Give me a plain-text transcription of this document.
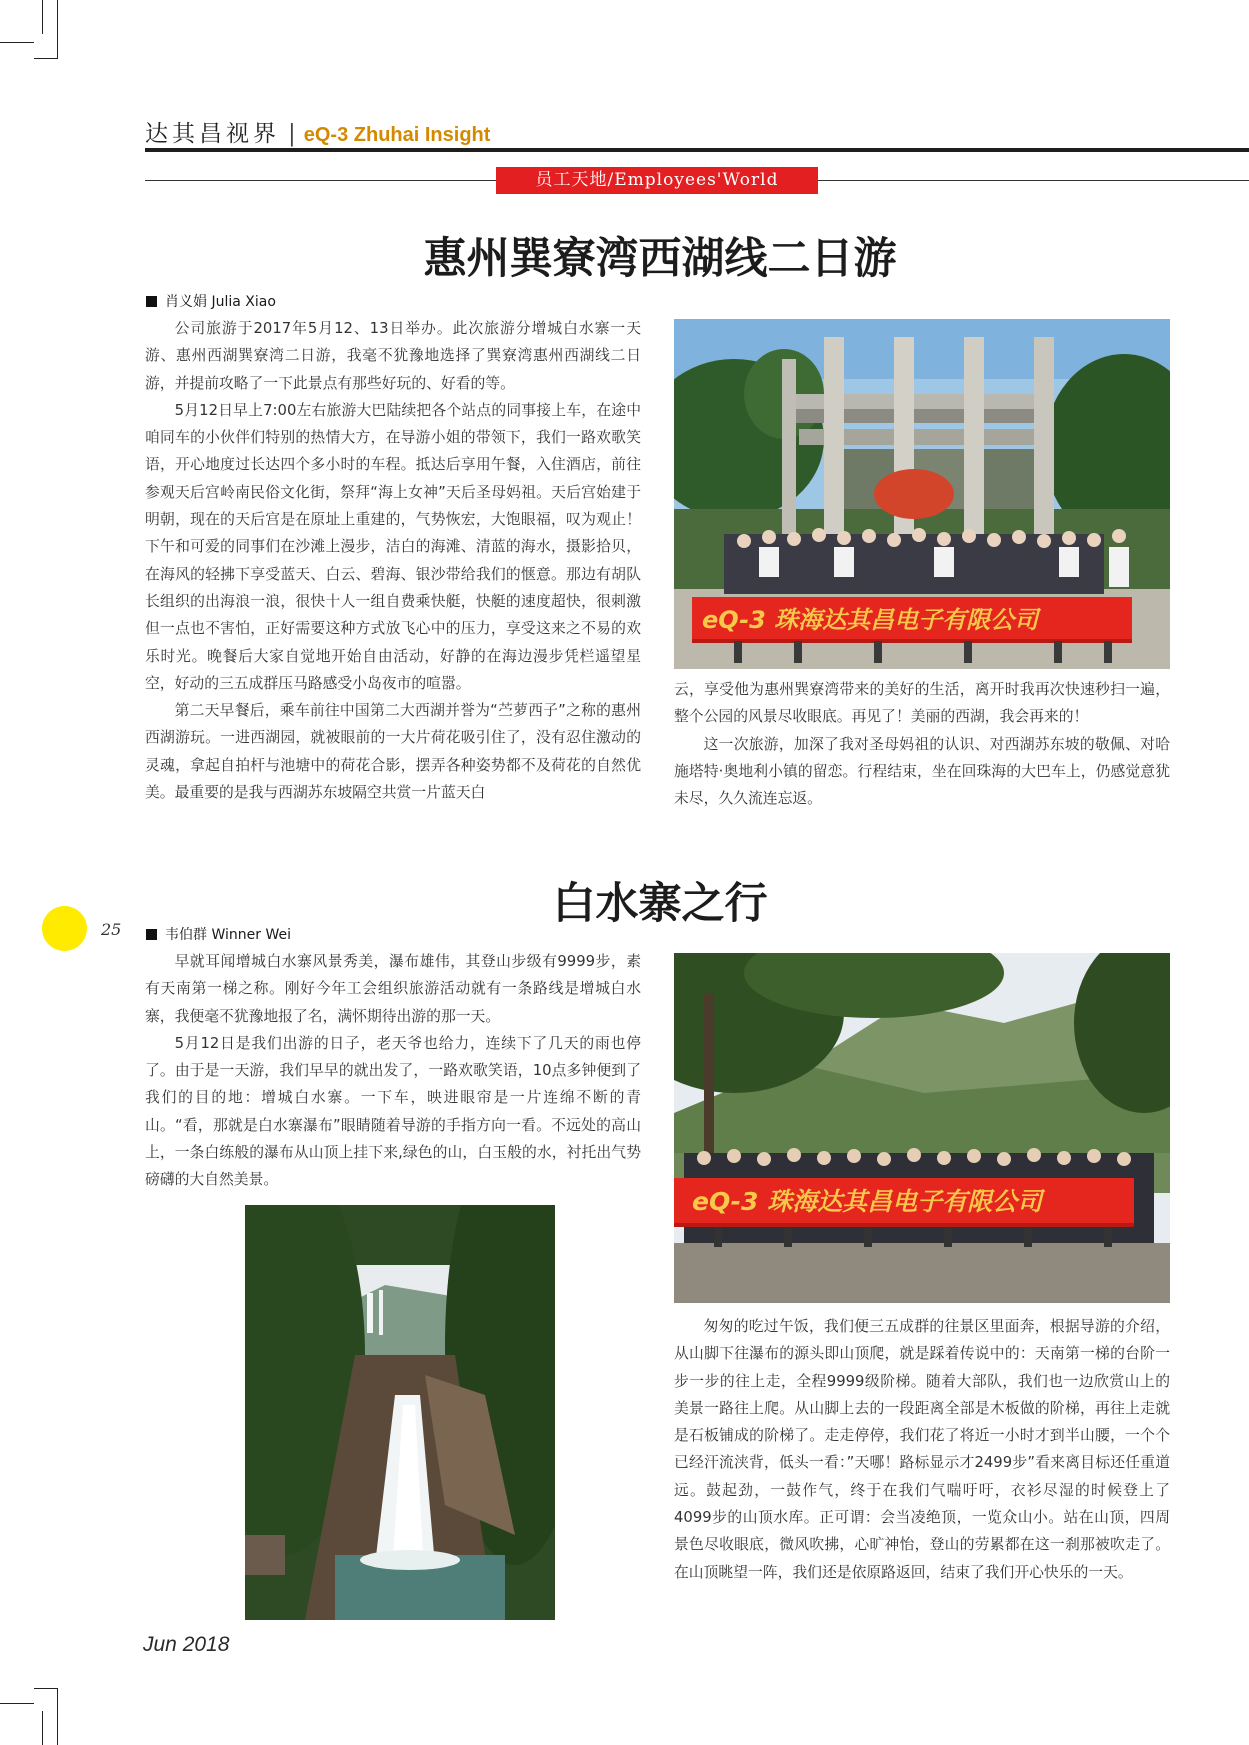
达其昌视界 | eQ-3 Zhuhai Insight
员工天地/Employees'World
惠州巽寮湾西湖线二日游
肖义娟 Julia Xiao

公司旅游于2017年5月12、13日举办。此次旅游分增城白水寨一天游、惠州西湖巽寮湾二日游，我毫不犹豫地选择了巽寮湾惠州西湖线二日游，并提前攻略了一下此景点有那些好玩的、好看的等。

5月12日早上7:00左右旅游大巴陆续把各个站点的同事接上车，在途中咱同车的小伙伴们特别的热情大方，在导游小姐的带领下，我们一路欢歌笑语，开心地度过长达四个多小时的车程。抵达后享用午餐，入住酒店，前往参观天后宫岭南民俗文化街，祭拜“海上女神”天后圣母妈祖。天后宫始建于明朝，现在的天后宫是在原址上重建的，气势恢宏，大饱眼福，叹为观止！下午和可爱的同事们在沙滩上漫步，洁白的海滩、清蓝的海水，摄影拾贝，在海风的轻拂下享受蓝天、白云、碧海、银沙带给我们的惬意。那边有胡队长组织的出海浪一浪，很快十人一组自费乘快艇，快艇的速度超快，很刺激但一点也不害怕，正好需要这种方式放飞心中的压力，享受这来之不易的欢乐时光。晚餐后大家自觉地开始自由活动，好静的在海边漫步凭栏遥望星空，好动的三五成群压马路感受小岛夜市的喧嚣。

第二天早餐后，乘车前往中国第二大西湖并誉为“苎萝西子”之称的惠州西湖游玩。一进西湖园，就被眼前的一大片荷花吸引住了，没有忍住激动的灵魂，拿起自拍杆与池塘中的荷花合影，摆弄各种姿势都不及荷花的自然优美。最重要的是我与西湖苏东坡隔空共赏一片蓝天白

eQ-3 珠海达其昌电子有限公司

云，享受他为惠州巽寮湾带来的美好的生活，离开时我再次快速秒扫一遍，整个公园的风景尽收眼底。再见了！美丽的西湖，我会再来的！

这一次旅游，加深了我对圣母妈祖的认识、对西湖苏东坡的敬佩、对哈施塔特·奥地利小镇的留恋。行程结束，坐在回珠海的大巴车上，仍感觉意犹未尽，久久流连忘返。

白水寨之行
韦伯群 Winner Wei

早就耳闻增城白水寨风景秀美，瀑布雄伟，其登山步级有9999步，素有天南第一梯之称。刚好今年工会组织旅游活动就有一条路线是增城白水寨，我便毫不犹豫地报了名，满怀期待出游的那一天。

5月12日是我们出游的日子，老天爷也给力，连续下了几天的雨也停了。由于是一天游，我们早早的就出发了，一路欢歌笑语，10点多钟便到了我们的目的地：增城白水寨。一下车，映进眼帘是一片连绵不断的青山。“看，那就是白水寨瀑布”眼睛随着导游的手指方向一看。不远处的高山上，一条白练般的瀑布从山顶上挂下来,绿色的山，白玉般的水，衬托出气势磅礴的大自然美景。

eQ-3 珠海达其昌电子有限公司

匆匆的吃过午饭，我们便三五成群的往景区里面奔，根据导游的介绍，从山脚下往瀑布的源头即山顶爬，就是踩着传说中的：天南第一梯的台阶一步一步的往上走，全程9999级阶梯。随着大部队，我们也一边欣赏山上的美景一路往上爬。从山脚上去的一段距离全部是木板做的阶梯，再往上走就是石板铺成的阶梯了。走走停停，我们花了将近一小时才到半山腰，一个个已经汗流浃背，低头一看：”天哪！路标显示才2499步”看来离目标还任重道远。鼓起劲，一鼓作气，终于在我们气喘吁吁，衣衫尽湿的时候登上了4099步的山顶水库。正可谓：会当凌绝顶，一览众山小。站在山顶，四周景色尽收眼底，微风吹拂，心旷神怡，登山的劳累都在这一刹那被吹走了。在山顶眺望一阵，我们还是依原路返回，结束了我们开心快乐的一天。

25
Jun 2018
